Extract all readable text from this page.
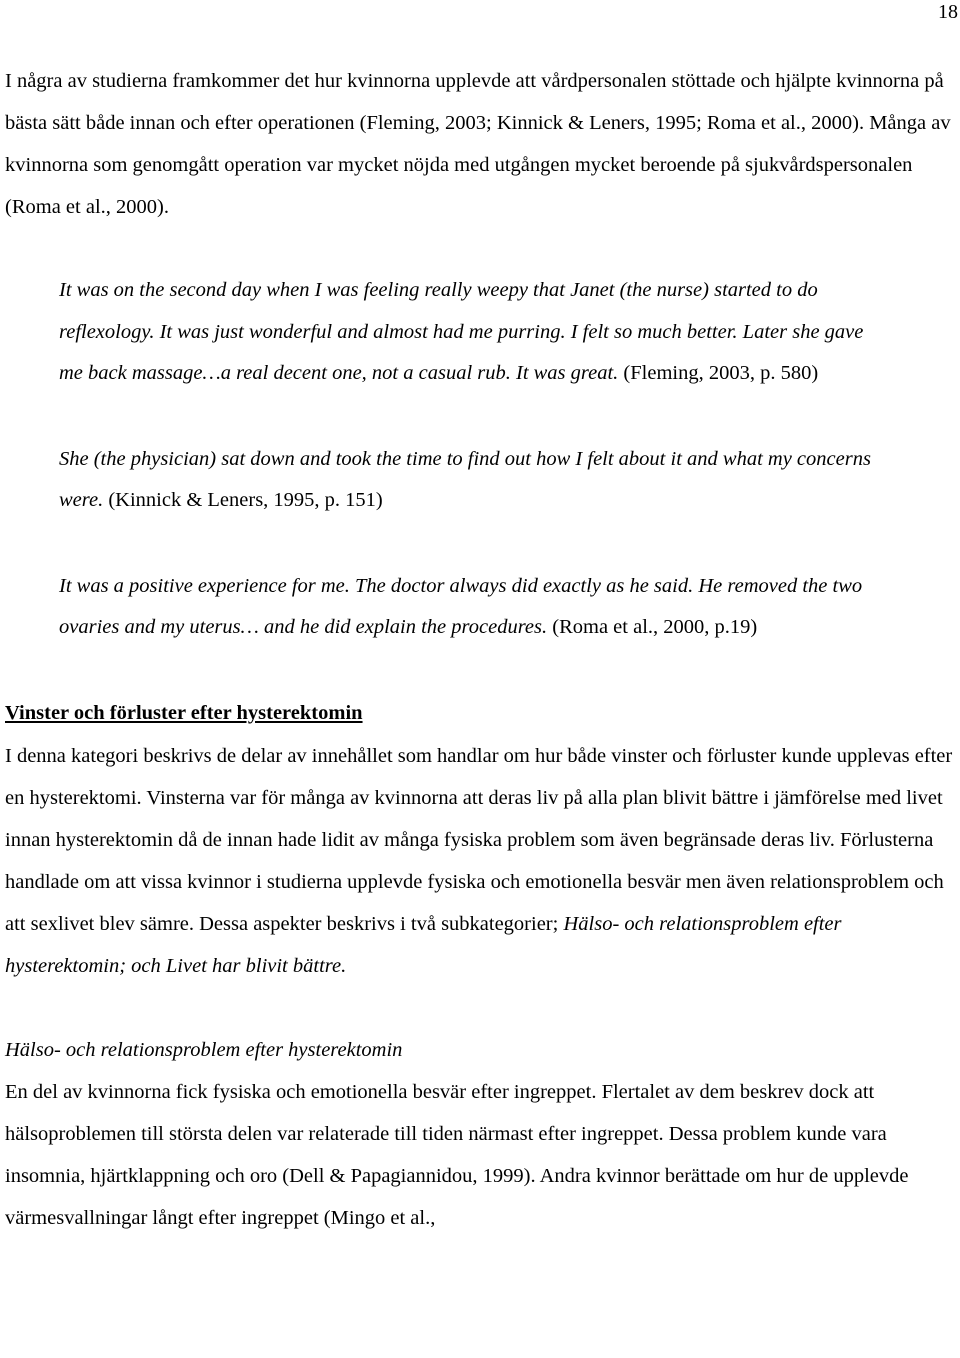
18

I några av studierna framkommer det hur kvinnorna upplevde att vårdpersonalen stöttade och hjälpte kvinnorna på bästa sätt både innan och efter operationen (Fleming, 2003; Kinnick & Leners, 1995; Roma et al., 2000). Många av kvinnorna som genomgått operation var mycket nöjda med utgången mycket beroende på sjukvårdspersonalen (Roma et al., 2000).

It was on the second day when I was feeling really weepy that Janet (the nurse) started to do reflexology. It was just wonderful and almost had me purring. I felt so much better. Later she gave me back massage…a real decent one, not a casual rub. It was great. (Fleming, 2003, p. 580)

She (the physician) sat down and took the time to find out how I felt about it and what my concerns were. (Kinnick & Leners, 1995, p. 151)

It was a positive experience for me. The doctor always did exactly as he said. He removed the two ovaries and my uterus… and he did explain the procedures. (Roma et al., 2000, p.19)

Vinster och förluster efter hysterektomin

I denna kategori beskrivs de delar av innehållet som handlar om hur både vinster och förluster kunde upplevas efter en hysterektomi. Vinsterna var för många av kvinnorna att deras liv på alla plan blivit bättre i jämförelse med livet innan hysterektomin då de innan hade lidit av många fysiska problem som även begränsade deras liv. Förlusterna handlade om att vissa kvinnor i studierna upplevde fysiska och emotionella besvär men även relationsproblem och att sexlivet blev sämre. Dessa aspekter beskrivs i två subkategorier; Hälso- och relationsproblem efter hysterektomin; och Livet har blivit bättre.

Hälso- och relationsproblem efter hysterektomin

En del av kvinnorna fick fysiska och emotionella besvär efter ingreppet. Flertalet av dem beskrev dock att hälsoproblemen till största delen var relaterade till tiden närmast efter ingreppet. Dessa problem kunde vara insomnia, hjärtklappning och oro (Dell & Papagiannidou, 1999). Andra kvinnor berättade om hur de upplevde värmesvallningar långt efter ingreppet (Mingo et al.,
